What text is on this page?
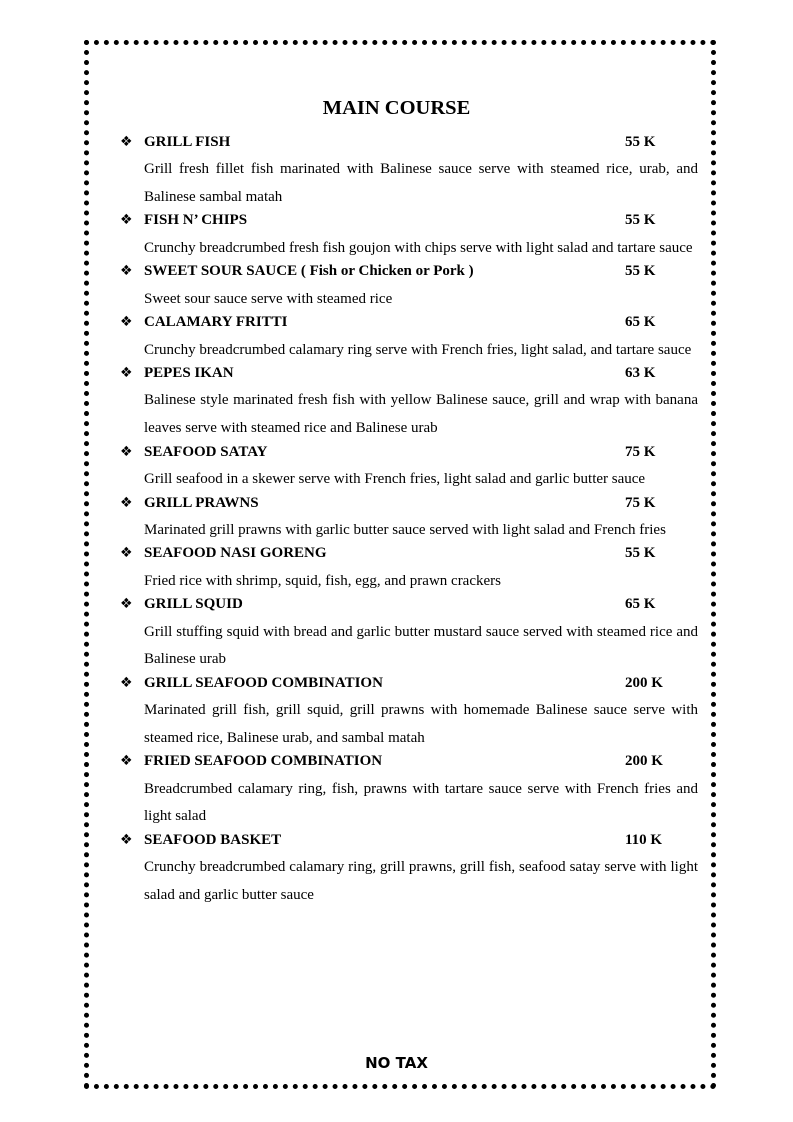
MAIN COURSE
❖ GRILL FISH	55 K

Grill fresh fillet fish marinated with Balinese sauce serve with steamed rice, urab, and Balinese sambal matah

❖ FISH N’ CHIPS	55 K

Crunchy breadcrumbed fresh fish goujon with chips serve with light salad and tartare sauce

❖ SWEET SOUR SAUCE ( Fish or Chicken or Pork )	55 K

Sweet sour sauce serve with steamed rice

❖ CALAMARY FRITTI	65 K

Crunchy breadcrumbed calamary ring serve with French fries, light salad, and tartare sauce

❖ PEPES IKAN	63 K

Balinese style marinated fresh fish with yellow Balinese sauce, grill and wrap with banana leaves serve with steamed rice and Balinese urab

❖ SEAFOOD SATAY	75 K

Grill seafood in a skewer serve with French fries, light salad and garlic butter sauce

❖ GRILL PRAWNS	75 K

Marinated grill prawns with garlic butter sauce served with light salad and French fries

❖ SEAFOOD NASI GORENG	55 K

Fried rice with shrimp, squid, fish, egg, and prawn crackers

❖ GRILL SQUID	65 K

Grill stuffing squid with bread and garlic butter mustard sauce served with steamed rice and Balinese urab

❖ GRILL SEAFOOD COMBINATION	200 K

Marinated grill fish, grill squid, grill prawns with homemade Balinese sauce serve with steamed rice, Balinese urab, and sambal matah

❖ FRIED SEAFOOD COMBINATION	200 K

Breadcrumbed calamary ring, fish, prawns with tartare sauce serve with French fries and light salad

❖ SEAFOOD BASKET	110 K

Crunchy breadcrumbed calamary ring, grill prawns, grill fish, seafood satay serve with light salad and garlic butter sauce

NO TAX
